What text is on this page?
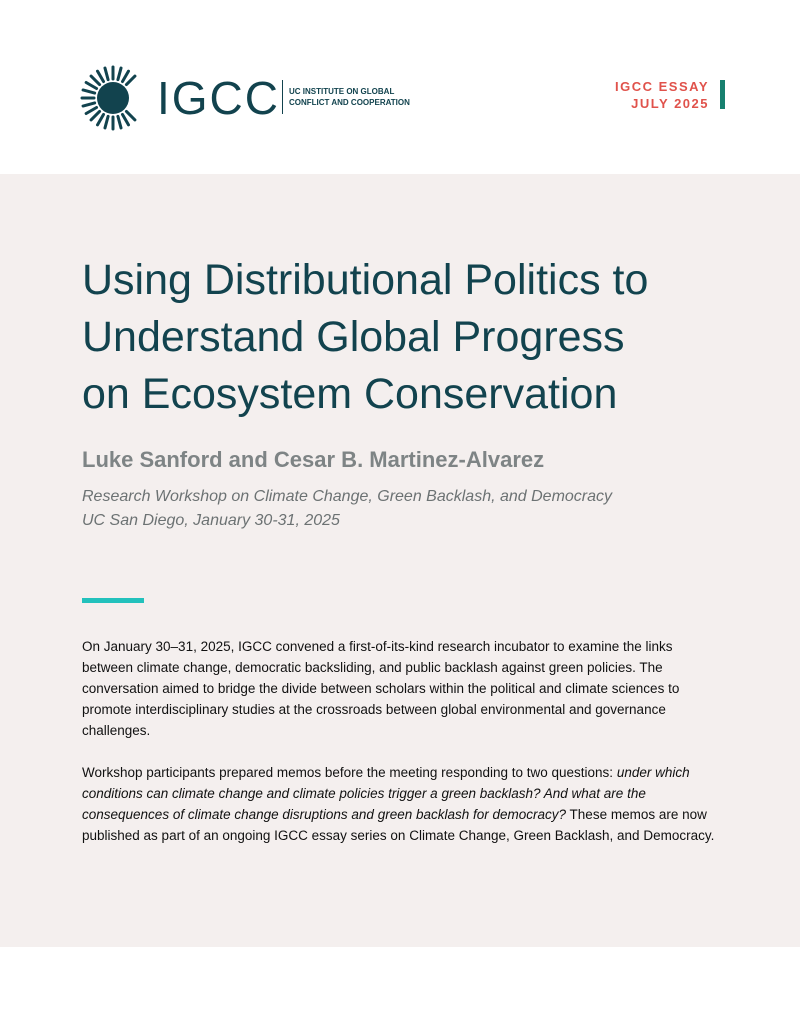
IGCC UC INSTITUTE ON GLOBAL
CONFLICT AND COOPERATION
IGCC ESSAY
JULY 2025
Using Distributional Politics to
Understand Global Progress
on Ecosystem Conservation
Luke Sanford and Cesar B. Martinez-Alvarez
Research Workshop on Climate Change, Green Backlash, and Democracy
UC San Diego, January 30-31, 2025

On January 30–31, 2025, IGCC convened a first-of-its-kind research incubator to examine the links between climate change, democratic backsliding, and public backlash against green policies. The conversation aimed to bridge the divide between scholars within the political and climate sciences to promote interdisciplinary studies at the crossroads between global environmental and governance challenges.

Workshop participants prepared memos before the meeting responding to two questions: under which conditions can climate change and climate policies trigger a green backlash? And what are the consequences of climate change disruptions and green backlash for democracy? These memos are now published as part of an ongoing IGCC essay series on Climate Change, Green Backlash, and Democracy.
